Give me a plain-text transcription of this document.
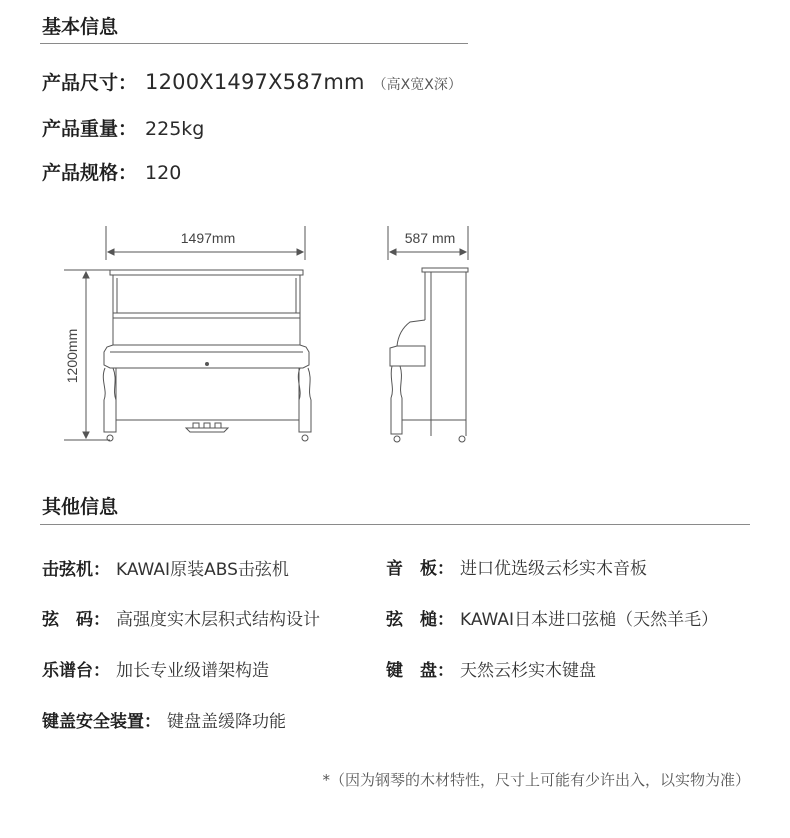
基本信息
产品尺寸： 1200X1497X587mm （高X宽X深）
产品重量： 225kg
产品规格： 120
1497mm	587 mm
1200mm
其他信息
击弦机： KAWAI原装ABS击弦机	音　板： 进口优选级云杉实木音板
弦　码： 高强度实木层积式结构设计	弦　槌： KAWAI日本进口弦槌（天然羊毛）
乐谱台： 加长专业级谱架构造	键　盘： 天然云杉实木键盘
键盖安全装置： 键盘盖缓降功能
*（因为钢琴的木材特性，尺寸上可能有少许出入，以实物为准）
